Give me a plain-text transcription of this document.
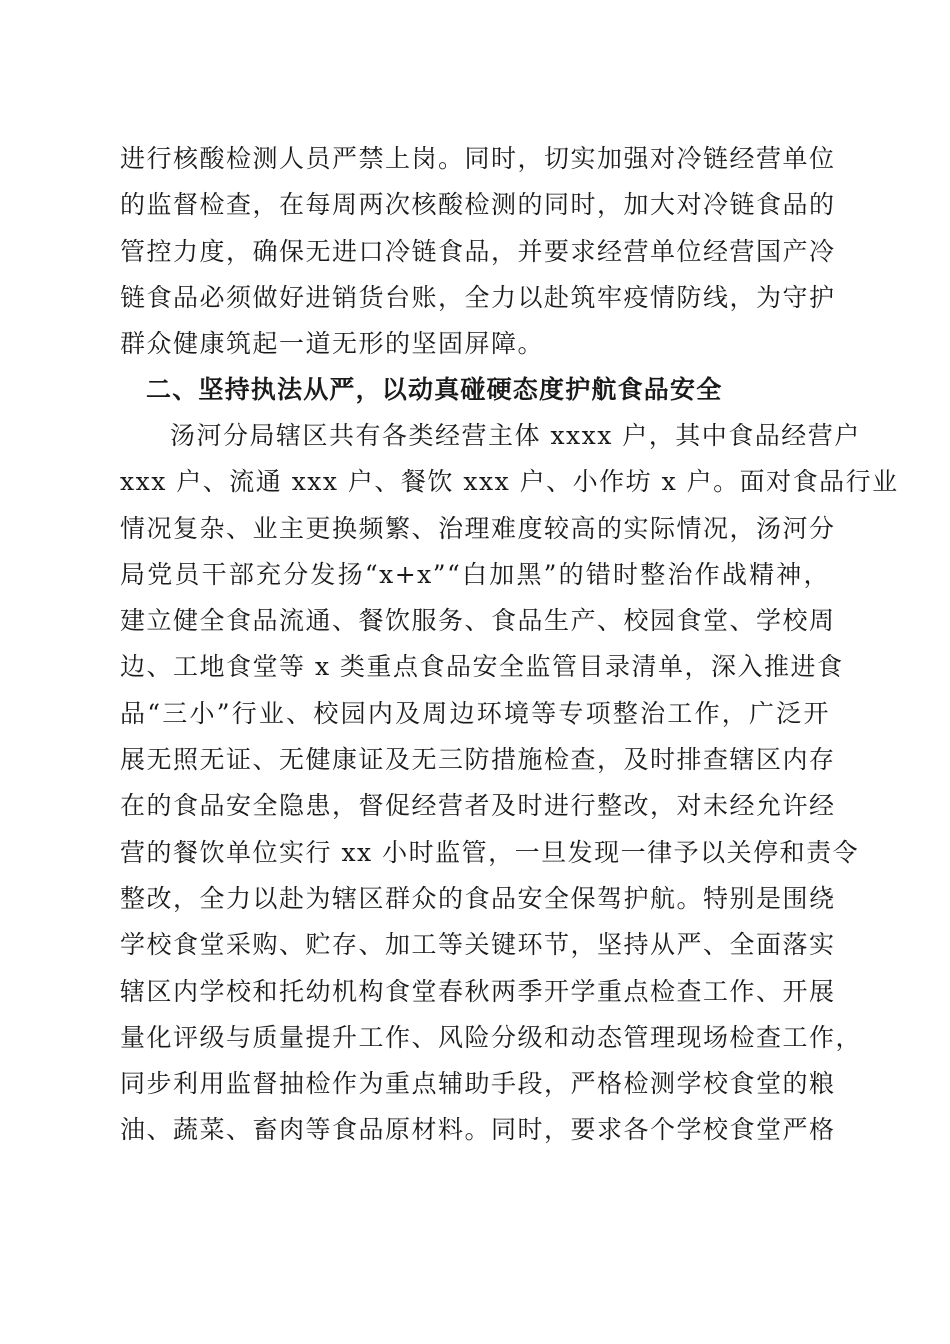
进行核酸检测人员严禁上岗。同时，切实加强对冷链经营单位
的监督检查，在每周两次核酸检测的同时，加大对冷链食品的
管控力度，确保无进口冷链食品，并要求经营单位经营国产冷
链食品必须做好进销货台账，全力以赴筑牢疫情防线，为守护
群众健康筑起一道无形的坚固屏障。
二、坚持执法从严，以动真碰硬态度护航食品安全
汤河分局辖区共有各类经营主体 xxxx 户，其中食品经营户
xxx 户、流通 xxx 户、餐饮 xxx 户、小作坊 x 户。面对食品行业
情况复杂、业主更换频繁、治理难度较高的实际情况，汤河分
局党员干部充分发扬“x+x”“白加黑”的错时整治作战精神，
建立健全食品流通、餐饮服务、食品生产、校园食堂、学校周
边、工地食堂等 x 类重点食品安全监管目录清单，深入推进食
品“三小”行业、校园内及周边环境等专项整治工作，广泛开
展无照无证、无健康证及无三防措施检查，及时排查辖区内存
在的食品安全隐患，督促经营者及时进行整改，对未经允许经
营的餐饮单位实行 xx 小时监管，一旦发现一律予以关停和责令
整改，全力以赴为辖区群众的食品安全保驾护航。特别是围绕
学校食堂采购、贮存、加工等关键环节，坚持从严、全面落实
辖区内学校和托幼机构食堂春秋两季开学重点检查工作、开展
量化评级与质量提升工作、风险分级和动态管理现场检查工作，
同步利用监督抽检作为重点辅助手段，严格检测学校食堂的粮
油、蔬菜、畜肉等食品原材料。同时，要求各个学校食堂严格
